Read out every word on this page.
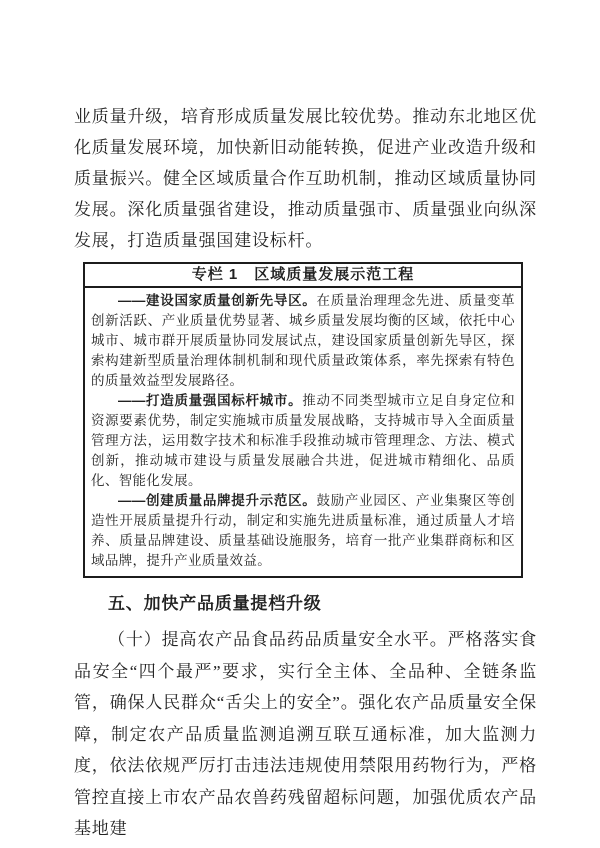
业质量升级，培育形成质量发展比较优势。推动东北地区优化质量发展环境，加快新旧动能转换，促进产业改造升级和质量振兴。健全区域质量合作互助机制，推动区域质量协同发展。深化质量强省建设，推动质量强市、质量强业向纵深发展，打造质量强国建设标杆。

专栏 1　区域质量发展示范工程

——建设国家质量创新先导区。在质量治理理念先进、质量变革创新活跃、产业质量优势显著、城乡质量发展均衡的区域，依托中心城市、城市群开展质量协同发展试点，建设国家质量创新先导区，探索构建新型质量治理体制机制和现代质量政策体系，率先探索有特色的质量效益型发展路径。

——打造质量强国标杆城市。推动不同类型城市立足自身定位和资源要素优势，制定实施城市质量发展战略，支持城市导入全面质量管理方法，运用数字技术和标准手段推动城市管理理念、方法、模式创新，推动城市建设与质量发展融合共进，促进城市精细化、品质化、智能化发展。

——创建质量品牌提升示范区。鼓励产业园区、产业集聚区等创造性开展质量提升行动，制定和实施先进质量标准，通过质量人才培养、质量品牌建设、质量基础设施服务，培育一批产业集群商标和区域品牌，提升产业质量效益。

五、加快产品质量提档升级

（十）提高农产品食品药品质量安全水平。严格落实食品安全“四个最严”要求，实行全主体、全品种、全链条监管，确保人民群众“舌尖上的安全”。强化农产品质量安全保障，制定农产品质量监测追溯互联互通标准，加大监测力度，依法依规严厉打击违法违规使用禁限用药物行为，严格管控直接上市农产品农兽药残留超标问题，加强优质农产品基地建
